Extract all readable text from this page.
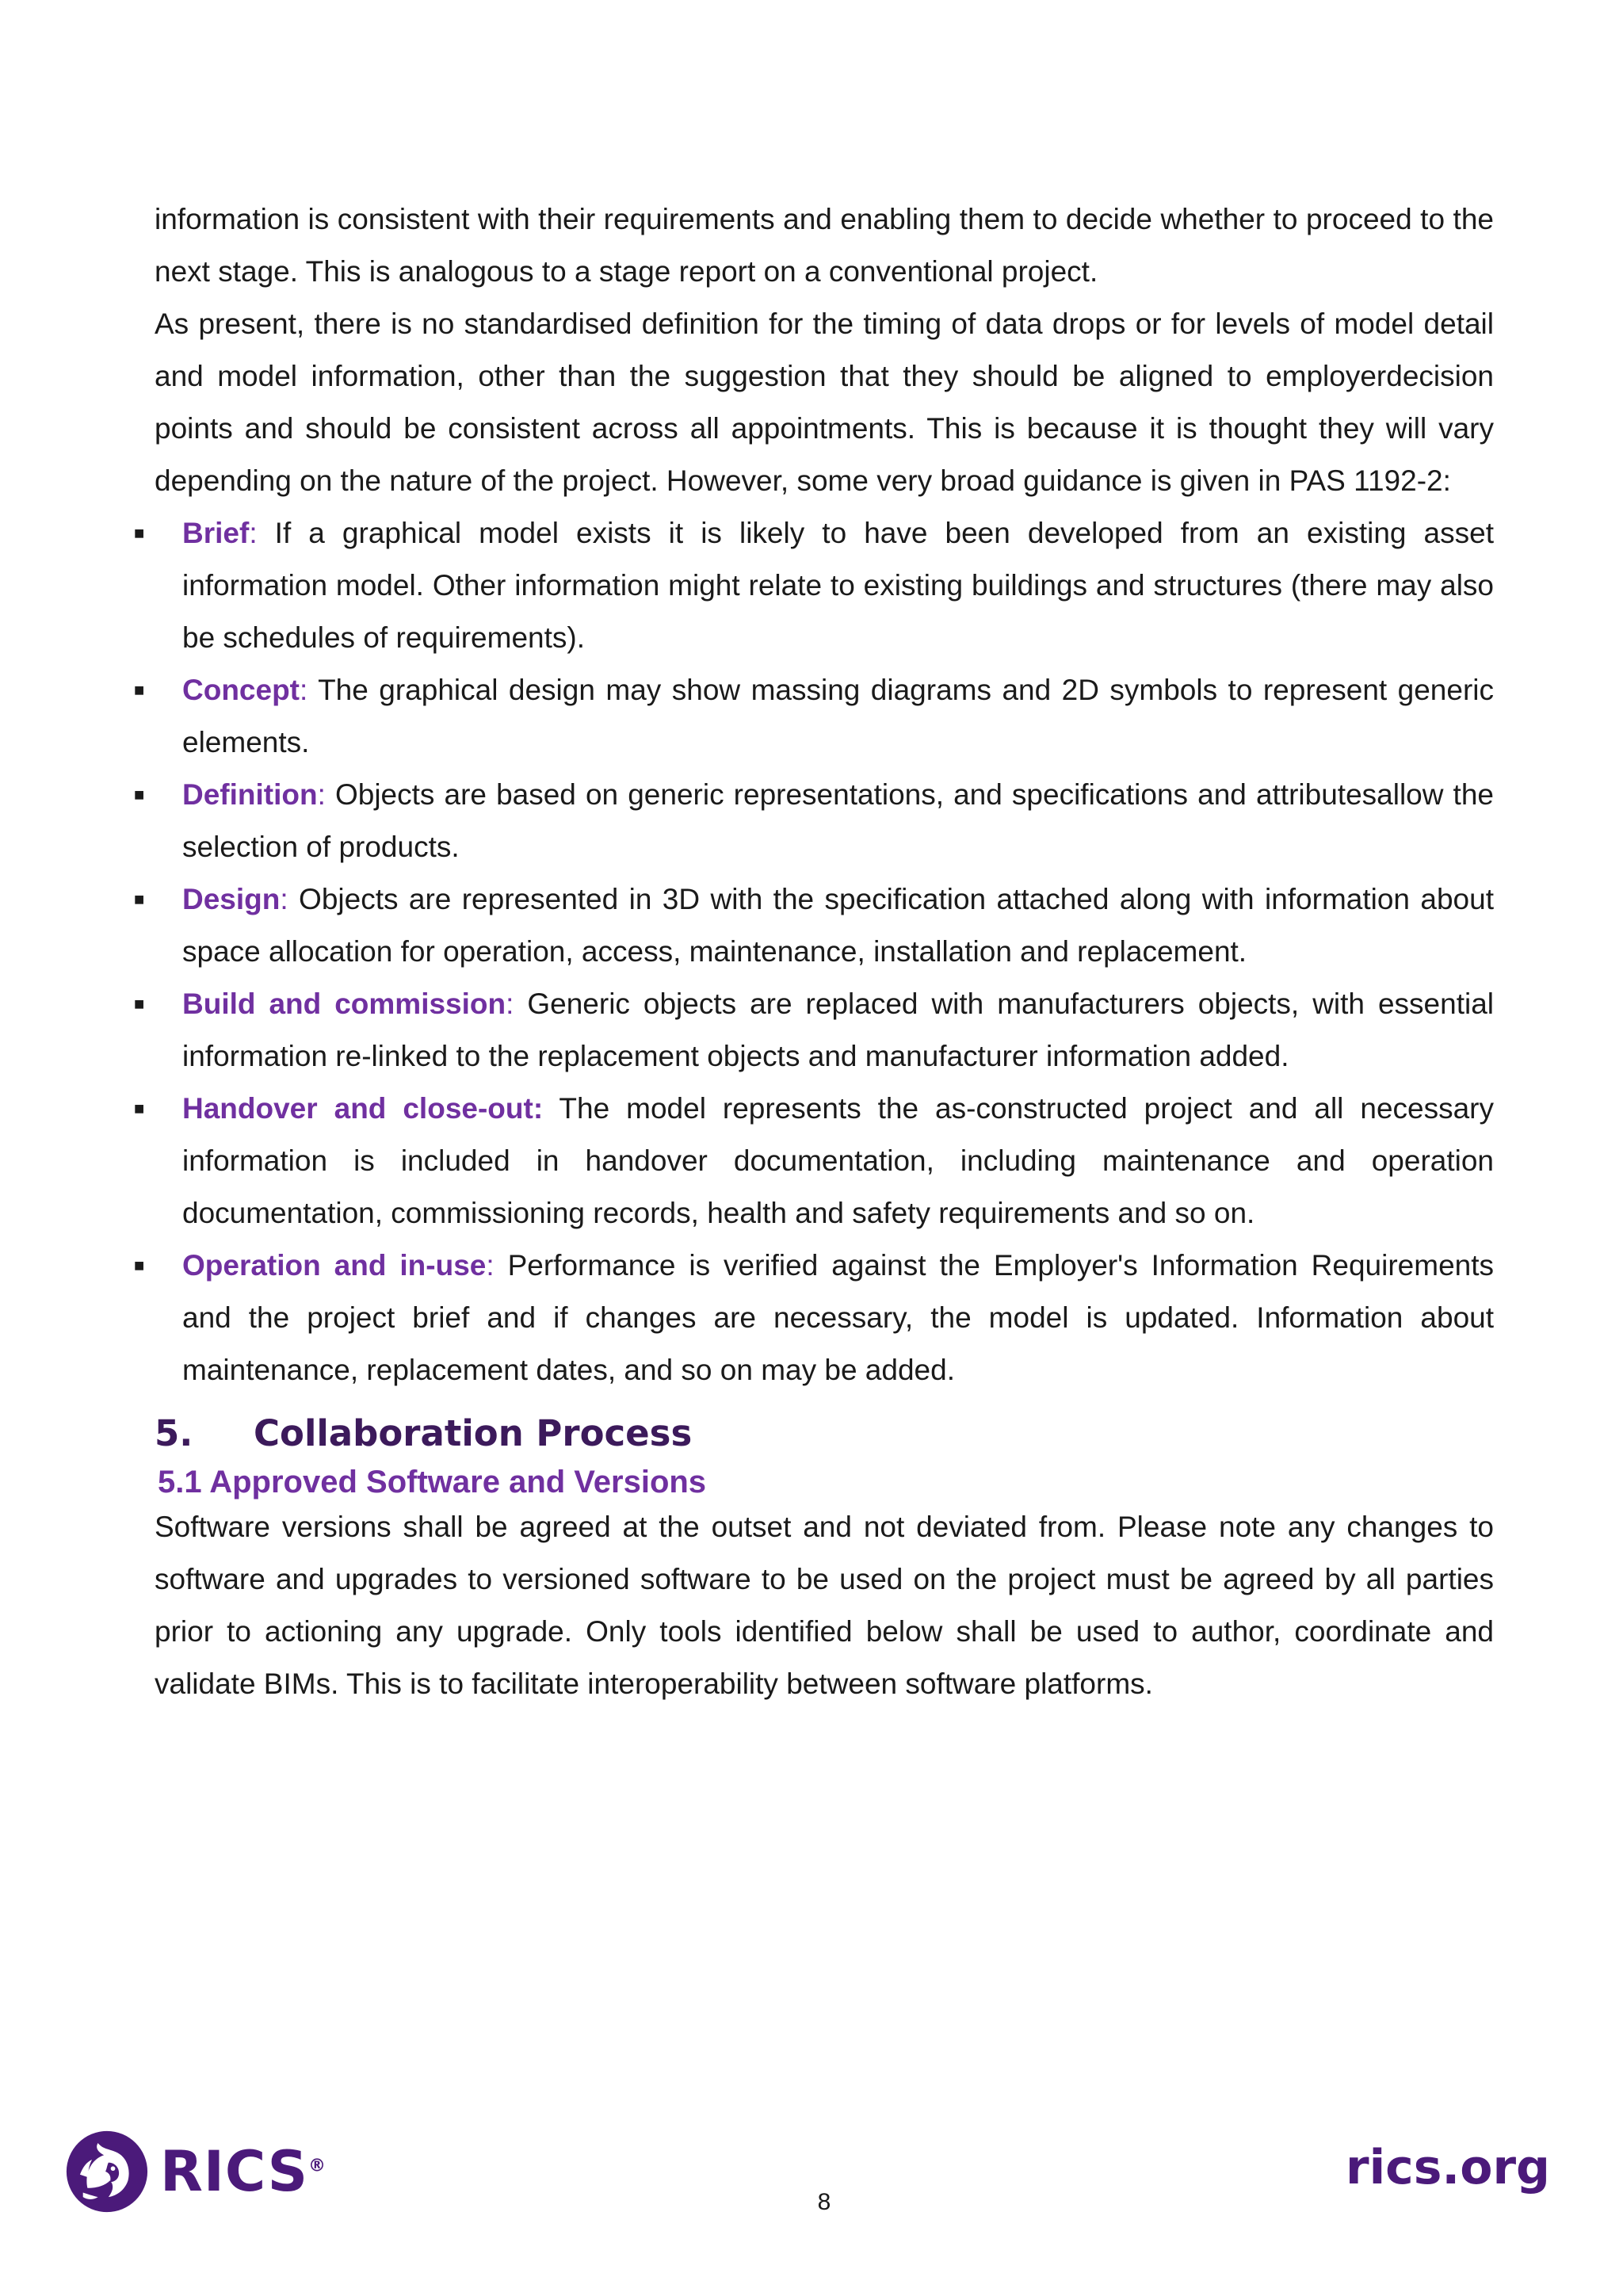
information is consistent with their requirements and enabling them to decide whether to proceed to the next stage. This is analogous to a stage report on a conventional project.

As present, there is no standardised definition for the timing of data drops or for levels of model detail and model information, other than the suggestion that they should be aligned to employerdecision points and should be consistent across all appointments. This is because it is thought they will vary depending on the nature of the project. However, some very broad guidance is given in PAS 1192-2:

■ Brief: If a graphical model exists it is likely to have been developed from an existing asset information model. Other information might relate to existing buildings and structures (there may also be schedules of requirements).
■ Concept: The graphical design may show massing diagrams and 2D symbols to represent generic elements.
■ Definition: Objects are based on generic representations, and specifications and attributesallow the selection of products.
■ Design: Objects are represented in 3D with the specification attached along with information about space allocation for operation, access, maintenance, installation and replacement.
■ Build and commission: Generic objects are replaced with manufacturers objects, with essential information re-linked to the replacement objects and manufacturer information added.
■ Handover and close-out: The model represents the as-constructed project and all necessary information is included in handover documentation, including maintenance and operation documentation, commissioning records, health and safety requirements and so on.
■ Operation and in-use: Performance is verified against the Employer's Information Requirements and the project brief and if changes are necessary, the model is updated. Information about maintenance, replacement dates, and so on may be added.
5.	Collaboration Process
5.1 Approved Software and Versions

Software versions shall be agreed at the outset and not deviated from. Please note any changes to software and upgrades to versioned software to be used on the project must be agreed by all parties prior to actioning any upgrade. Only tools identified below shall be used to author, coordinate and validate BIMs. This is to facilitate interoperability between software platforms.

RICS®
8
rics.org
